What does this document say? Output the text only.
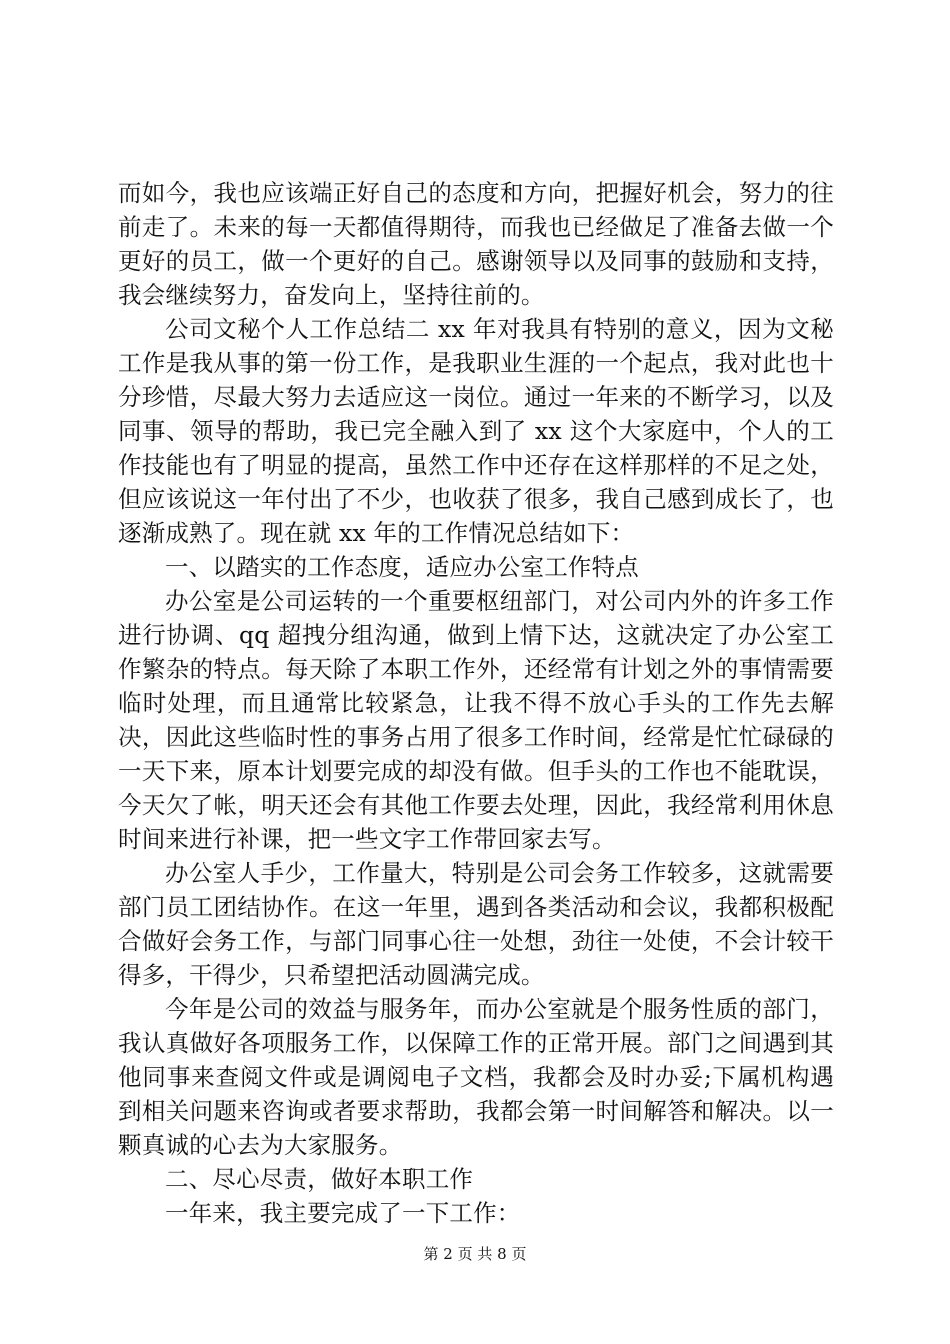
而如今，我也应该端正好自己的态度和方向，把握好机会，努力的往前走了。未来的每一天都值得期待，而我也已经做足了准备去做一个更好的员工，做一个更好的自己。感谢领导以及同事的鼓励和支持，我会继续努力，奋发向上，坚持往前的。

公司文秘个人工作总结二 xx 年对我具有特别的意义，因为文秘工作是我从事的第一份工作，是我职业生涯的一个起点，我对此也十分珍惜，尽最大努力去适应这一岗位。通过一年来的不断学习，以及同事、领导的帮助，我已完全融入到了 xx 这个大家庭中，个人的工作技能也有了明显的提高，虽然工作中还存在这样那样的不足之处，但应该说这一年付出了不少，也收获了很多，我自己感到成长了，也逐渐成熟了。现在就 xx 年的工作情况总结如下：

一、以踏实的工作态度，适应办公室工作特点

办公室是公司运转的一个重要枢纽部门，对公司内外的许多工作进行协调、qq 超拽分组沟通，做到上情下达，这就决定了办公室工作繁杂的特点。每天除了本职工作外，还经常有计划之外的事情需要临时处理，而且通常比较紧急，让我不得不放心手头的工作先去解决，因此这些临时性的事务占用了很多工作时间，经常是忙忙碌碌的一天下来，原本计划要完成的却没有做。但手头的工作也不能耽误，今天欠了帐，明天还会有其他工作要去处理，因此，我经常利用休息时间来进行补课，把一些文字工作带回家去写。

办公室人手少，工作量大，特别是公司会务工作较多，这就需要部门员工团结协作。在这一年里，遇到各类活动和会议，我都积极配合做好会务工作，与部门同事心往一处想，劲往一处使，不会计较干得多，干得少，只希望把活动圆满完成。

今年是公司的效益与服务年，而办公室就是个服务性质的部门，我认真做好各项服务工作，以保障工作的正常开展。部门之间遇到其他同事来查阅文件或是调阅电子文档，我都会及时办妥;下属机构遇到相关问题来咨询或者要求帮助，我都会第一时间解答和解决。以一颗真诚的心去为大家服务。

二、尽心尽责，做好本职工作

一年来，我主要完成了一下工作：

第 2 页 共 8 页
